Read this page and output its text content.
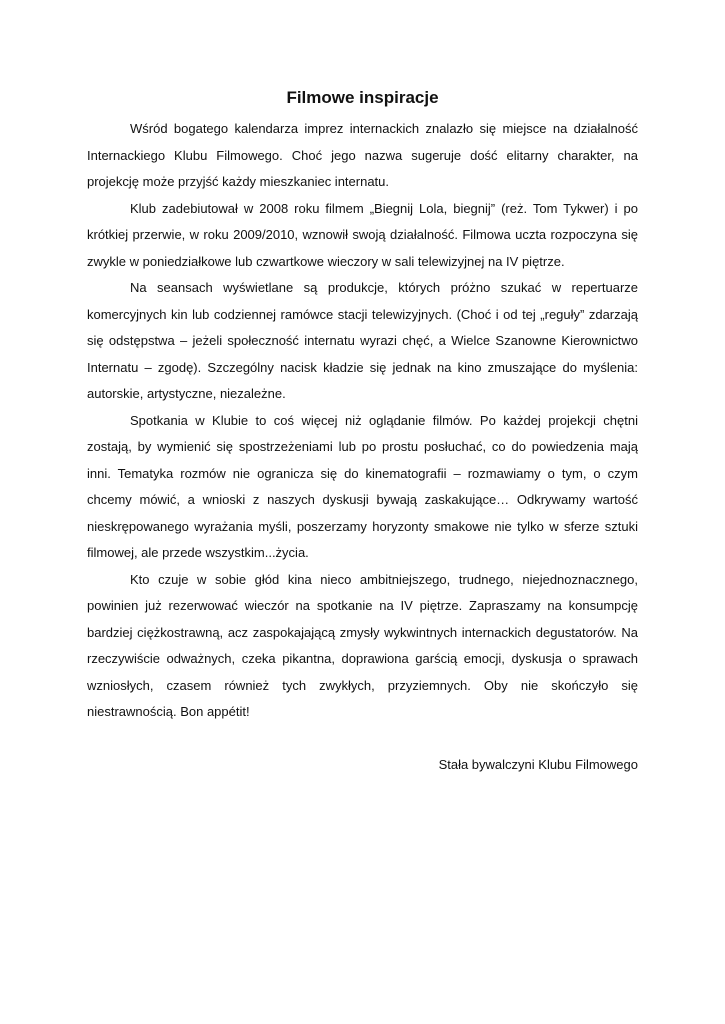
Filmowe inspiracje

Wśród bogatego kalendarza imprez internackich znalazło się miejsce na działalność Internackiego Klubu Filmowego. Choć jego nazwa sugeruje dość elitarny charakter, na projekcję może przyjść każdy mieszkaniec internatu.

Klub zadebiutował w 2008 roku filmem „Biegnij Lola, biegnij” (reż. Tom Tykwer) i po krótkiej przerwie, w roku 2009/2010, wznowił swoją działalność. Filmowa uczta rozpoczyna się zwykle w poniedziałkowe lub czwartkowe wieczory w sali telewizyjnej na IV piętrze.

Na seansach wyświetlane są produkcje, których próżno szukać w repertuarze komercyjnych kin lub codziennej ramówce stacji telewizyjnych. (Choć i od tej „reguły” zdarzają się odstępstwa – jeżeli społeczność internatu wyrazi chęć, a Wielce Szanowne Kierownictwo Internatu – zgodę). Szczególny nacisk kładzie się jednak na kino zmuszające do myślenia: autorskie, artystyczne, niezależne.

Spotkania w Klubie to coś więcej niż oglądanie filmów. Po każdej projekcji chętni zostają, by wymienić się spostrzeżeniami lub po prostu posłuchać, co do powiedzenia mają inni. Tematyka rozmów nie ogranicza się do kinematografii – rozmawiamy o tym, o czym chcemy mówić, a wnioski z naszych dyskusji bywają zaskakujące… Odkrywamy wartość nieskrępowanego wyrażania myśli, poszerzamy horyzonty smakowe nie tylko w sferze sztuki filmowej, ale przede wszystkim...życia.

Kto czuje w sobie głód kina nieco ambitniejszego, trudnego, niejednoznacznego, powinien już rezerwować wieczór na spotkanie na IV piętrze. Zapraszamy na konsumpcję bardziej ciężkostrawną, acz zaspokajającą zmysły wykwintnych internackich degustatorów. Na rzeczywiście odważnych, czeka pikantna, doprawiona garścią emocji, dyskusja o sprawach wzniosłych, czasem również tych zwykłych, przyziemnych. Oby nie skończyło się niestrawnością. Bon appétit!

Stała bywalczyni Klubu Filmowego
